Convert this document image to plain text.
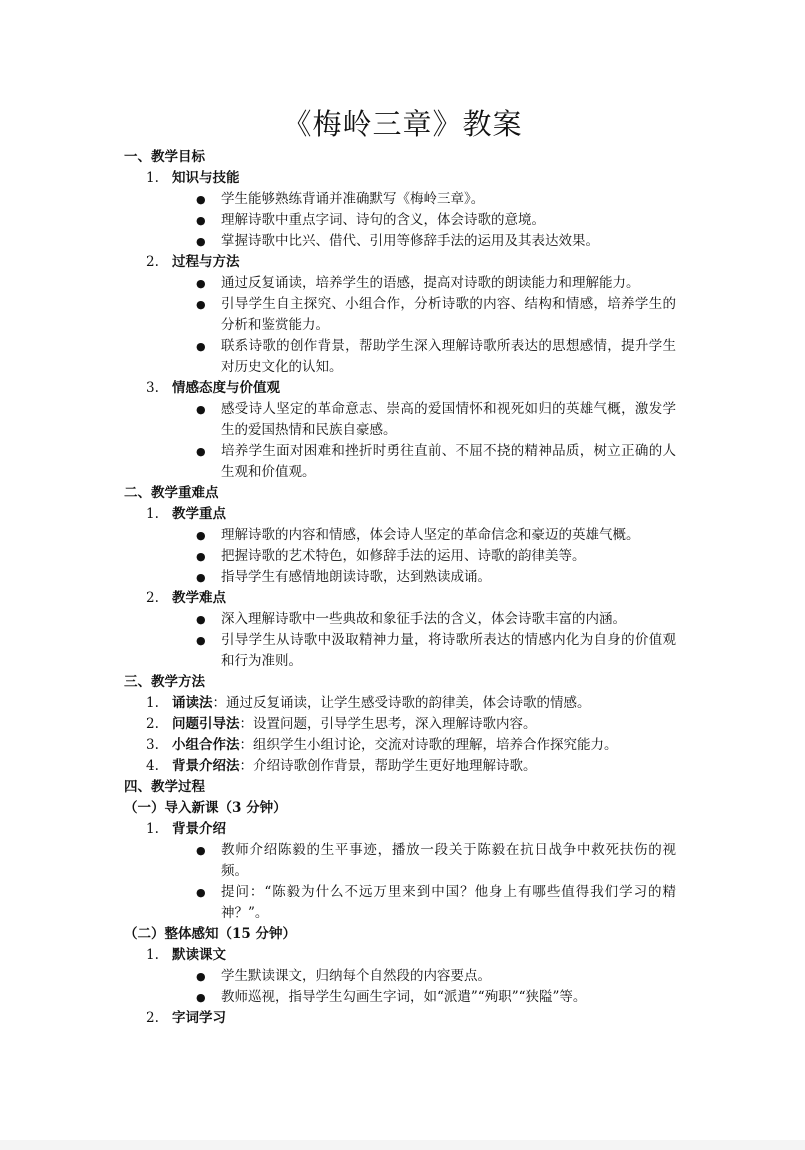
《梅岭三章》教案
一、教学目标
1. 知识与技能
● 学生能够熟练背诵并准确默写《梅岭三章》。
● 理解诗歌中重点字词、诗句的含义，体会诗歌的意境。
● 掌握诗歌中比兴、借代、引用等修辞手法的运用及其表达效果。
2. 过程与方法
● 通过反复诵读，培养学生的语感，提高对诗歌的朗读能力和理解能力。
● 引导学生自主探究、小组合作，分析诗歌的内容、结构和情感，培养学生的分析和鉴赏能力。
● 联系诗歌的创作背景，帮助学生深入理解诗歌所表达的思想感情，提升学生对历史文化的认知。
3. 情感态度与价值观
● 感受诗人坚定的革命意志、崇高的爱国情怀和视死如归的英雄气概，激发学生的爱国热情和民族自豪感。
● 培养学生面对困难和挫折时勇往直前、不屈不挠的精神品质，树立正确的人生观和价值观。
二、教学重难点
1. 教学重点
● 理解诗歌的内容和情感，体会诗人坚定的革命信念和豪迈的英雄气概。
● 把握诗歌的艺术特色，如修辞手法的运用、诗歌的韵律美等。
● 指导学生有感情地朗读诗歌，达到熟读成诵。
2. 教学难点
● 深入理解诗歌中一些典故和象征手法的含义，体会诗歌丰富的内涵。
● 引导学生从诗歌中汲取精神力量，将诗歌所表达的情感内化为自身的价值观和行为准则。
三、教学方法
1. 诵读法：通过反复诵读，让学生感受诗歌的韵律美，体会诗歌的情感。
2. 问题引导法：设置问题，引导学生思考，深入理解诗歌内容。
3. 小组合作法：组织学生小组讨论，交流对诗歌的理解，培养合作探究能力。
4. 背景介绍法：介绍诗歌创作背景，帮助学生更好地理解诗歌。
四、教学过程
（一）导入新课（3 分钟）
1. 背景介绍
● 教师介绍陈毅的生平事迹，播放一段关于陈毅在抗日战争中救死扶伤的视频。
● 提问：“陈毅为什么不远万里来到中国？他身上有哪些值得我们学习的精神？”。
（二）整体感知（15 分钟）
1. 默读课文
● 学生默读课文，归纳每个自然段的内容要点。
● 教师巡视，指导学生勾画生字词，如“派遣”“殉职”“狭隘”等。
2. 字词学习
